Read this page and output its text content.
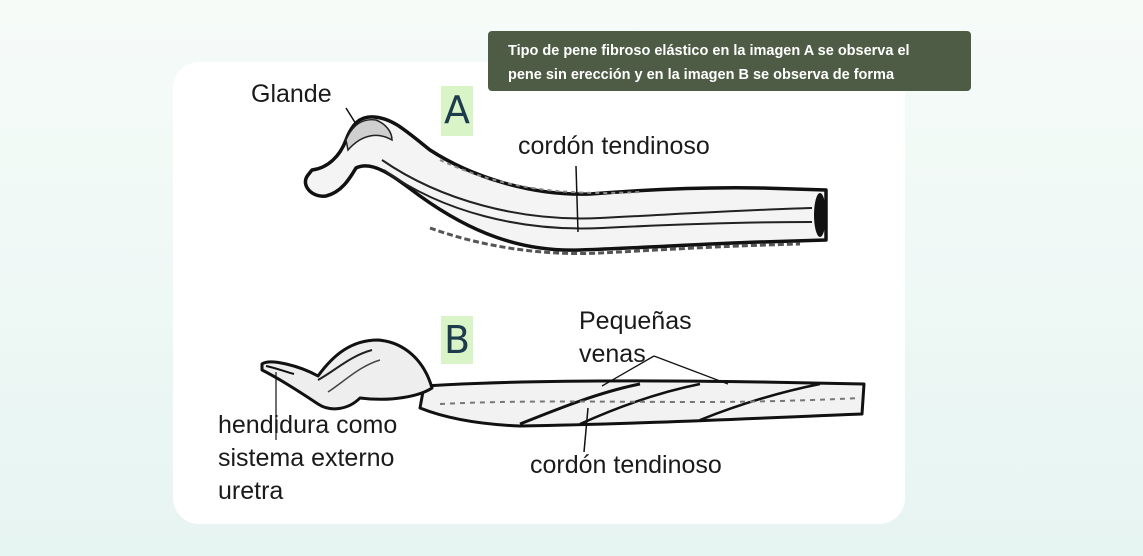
A
B
Glande
cordón tendinoso
Pequeñas
venas
hendidura como
sistema externo
uretra
cordón tendinoso
Tipo de pene fibroso elástico en la imagen A se observa el
pene sin erección y en la imagen B se observa de forma
